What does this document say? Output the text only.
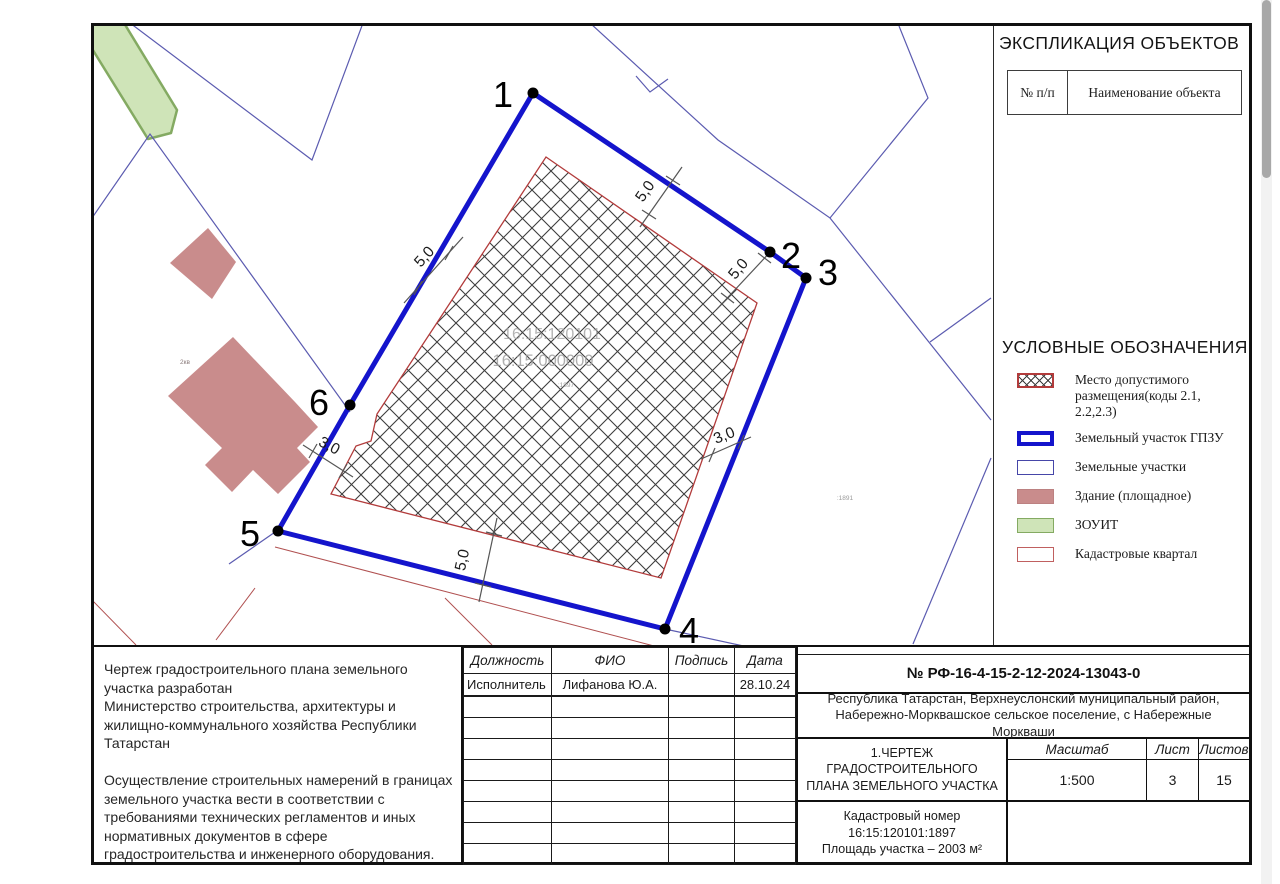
16:15:120101
16:15:000000
:1897
:1891
2кв
5,0
5,0
5,0
3,0
5,0
3,0
1
2 3
4
5
6
ЭКСПЛИКАЦИЯ ОБЪЕКТОВ
№ п/п	Наименование объекта
УСЛОВНЫЕ ОБОЗНАЧЕНИЯ
Место допустимого размещения(коды 2.1, 2.2,2.3)
Земельный участок ГПЗУ
Земельные участки
Здание (площадное)
ЗОУИТ
Кадастровые квартал

Чертеж градостроительного плана земельного участка разработан

Министерство строительства, архитектуры и жилищно-коммунального хозяйства Республики Татарстан

Осуществление строительных намерений в границах земельного участка вести в соответствии с требованиями технических регламентов и иных нормативных документов в сфере градостроительства и инженерного оборудования.

Должность	ФИО	Подпись	Дата
Исполнитель	Лифанова Ю.А.		28.10.24

№ РФ-16-4-15-2-12-2024-13043-0
Республика Татарстан, Верхнеуслонский муниципальный район, Набережно-Морквашское сельское поселение, с Набережные Моркваши
1.ЧЕРТЕЖ ГРАДОСТРОИТЕЛЬНОГО ПЛАНА ЗЕМЕЛЬНОГО УЧАСТКА
Масштаб	Лист Листов
1:500	3	15
Кадастровый номер
16:15:120101:1897
Площадь участка – 2003 м²
